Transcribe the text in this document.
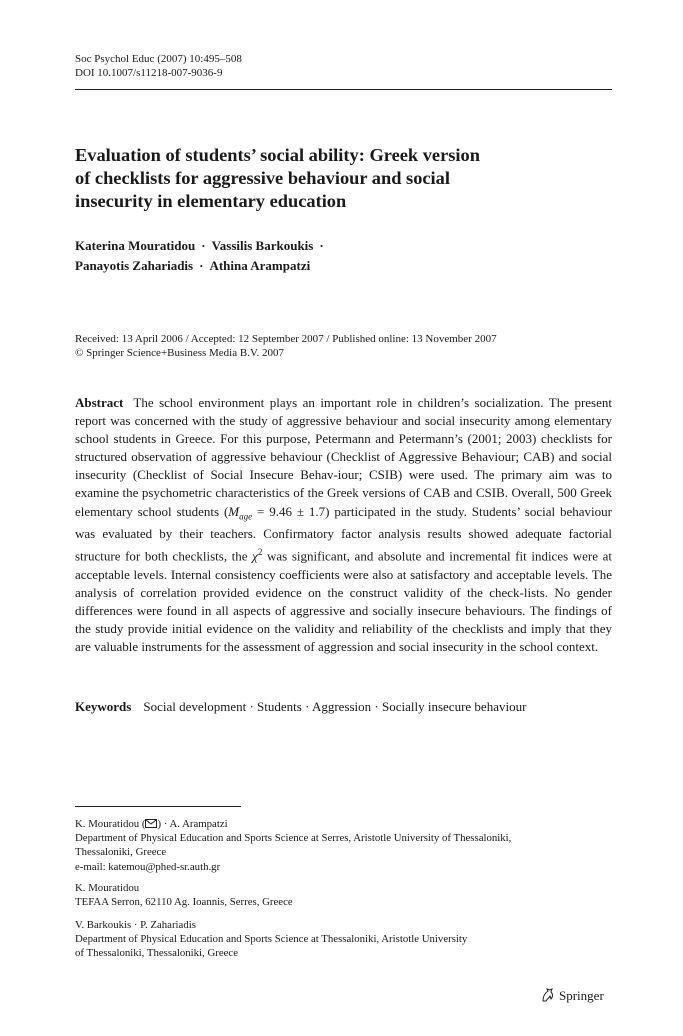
Soc Psychol Educ (2007) 10:495–508
DOI 10.1007/s11218-007-9036-9
Evaluation of students’ social ability: Greek version
of checklists for aggressive behaviour and social
insecurity in elementary education
Katerina Mouratidou · Vassilis Barkoukis ·
Panayotis Zahariadis · Athina Arampatzi
Received: 13 April 2006 / Accepted: 12 September 2007 / Published online: 13 November 2007
© Springer Science+Business Media B.V. 2007
Abstract The school environment plays an important role in children’s socialization. The present report was concerned with the study of aggressive behaviour and social insecurity among elementary school students in Greece. For this purpose, Petermann and Petermann’s (2001; 2003) checklists for structured observation of aggressive behaviour (Checklist of Aggressive Behaviour; CAB) and social insecurity (Checklist of Social Insecure Behav-iour; CSIB) were used. The primary aim was to examine the psychometric characteristics of the Greek versions of CAB and CSIB. Overall, 500 Greek elementary school students $(M_{age} = 9.46 \pm 1.7)$ participated in the study. Students’ social behaviour was evaluated by their teachers. Confirmatory factor analysis results showed adequate factorial structure for both checklists, the $\chi^2$ was significant, and absolute and incremental fit indices were at acceptable levels. Internal consistency coefficients were also at satisfactory and acceptable levels. The analysis of correlation provided evidence on the construct validity of the check-lists. No gender differences were found in all aspects of aggressive and socially insecure behaviours. The findings of the study provide initial evidence on the validity and reliability of the checklists and imply that they are valuable instruments for the assessment of aggression and social insecurity in the school context.
Keywords Social development · Students · Aggression · Socially insecure behaviour
K. Mouratidou ( ) · A. Arampatzi
Department of Physical Education and Sports Science at Serres, Aristotle University of Thessaloniki,
Thessaloniki, Greece
e-mail: katemou@phed-sr.auth.gr
K. Mouratidou
TEFAA Serron, 62110 Ag. Ioannis, Serres, Greece
V. Barkoukis · P. Zahariadis
Department of Physical Education and Sports Science at Thessaloniki, Aristotle University
of Thessaloniki, Thessaloniki, Greece
Springer
